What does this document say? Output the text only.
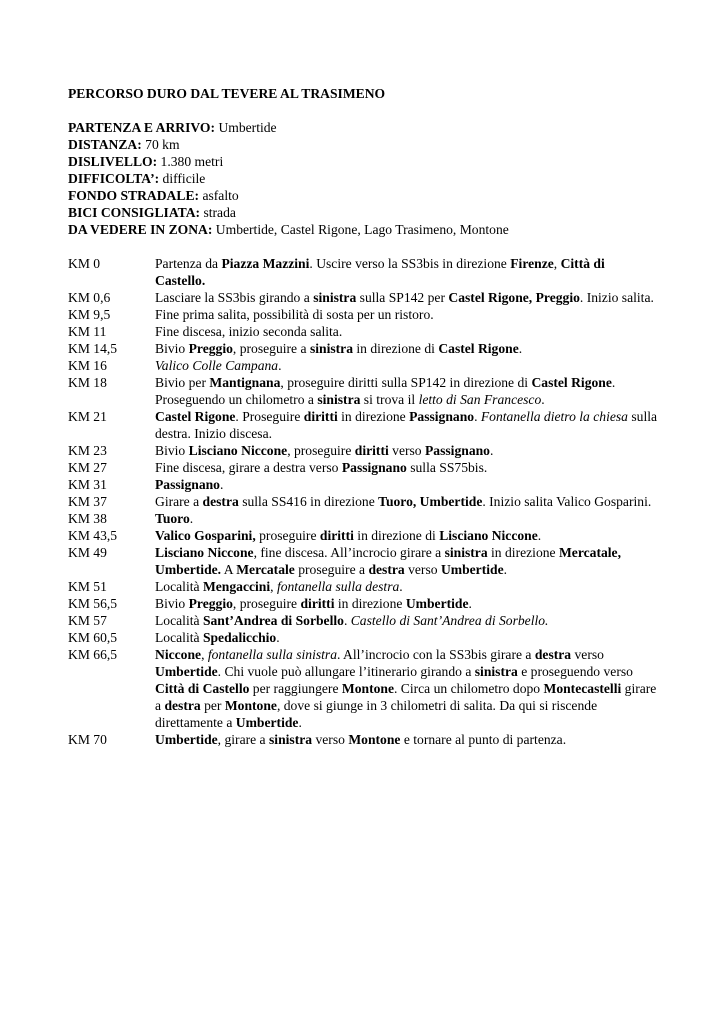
PERCORSO DURO DAL TEVERE AL TRASIMENO
PARTENZA E ARRIVO: Umbertide
DISTANZA: 70 km
DISLIVELLO: 1.380 metri
DIFFICOLTA’: difficile
FONDO STRADALE: asfalto
BICI CONSIGLIATA: strada
DA VEDERE IN ZONA: Umbertide, Castel Rigone, Lago Trasimeno, Montone
KM 0	Partenza da Piazza Mazzini. Uscire verso la SS3bis in direzione Firenze, Città di Castello.
KM 0,6	Lasciare la SS3bis girando a sinistra sulla SP142 per Castel Rigone, Preggio. Inizio salita.
KM 9,5	Fine prima salita, possibilità di sosta per un ristoro.
KM 11	Fine discesa, inizio seconda salita.
KM 14,5	Bivio Preggio, proseguire a sinistra in direzione di Castel Rigone.
KM 16	Valico Colle Campana.
KM 18	Bivio per Mantignana, proseguire diritti sulla SP142 in direzione di Castel Rigone. Proseguendo un chilometro a sinistra si trova il letto di San Francesco.
KM 21	Castel Rigone. Proseguire diritti in direzione Passignano. Fontanella dietro la chiesa sulla destra. Inizio discesa.
KM 23	Bivio Lisciano Niccone, proseguire diritti verso Passignano.
KM 27	Fine discesa, girare a destra verso Passignano sulla SS75bis.
KM 31	Passignano.
KM 37	Girare a destra sulla SS416 in direzione Tuoro, Umbertide. Inizio salita Valico Gosparini.
KM 38	Tuoro.
KM 43,5	Valico Gosparini, proseguire diritti in direzione di Lisciano Niccone.
KM 49	Lisciano Niccone, fine discesa. All’incrocio girare a sinistra in direzione Mercatale, Umbertide. A Mercatale proseguire a destra verso Umbertide.
KM 51	Località Mengaccini, fontanella sulla destra.
KM 56,5	Bivio Preggio, proseguire diritti in direzione Umbertide.
KM 57	Località Sant’Andrea di Sorbello. Castello di Sant’Andrea di Sorbello.
KM 60,5	Località Spedalicchio.
KM 66,5	Niccone, fontanella sulla sinistra. All’incrocio con la SS3bis girare a destra verso Umbertide. Chi vuole può allungare l’itinerario girando a sinistra e proseguendo verso Città di Castello per raggiungere Montone. Circa un chilometro dopo Montecastelli girare a destra per Montone, dove si giunge in 3 chilometri di salita. Da qui si riscende direttamente a Umbertide.
KM 70	Umbertide, girare a sinistra verso Montone e tornare al punto di partenza.
